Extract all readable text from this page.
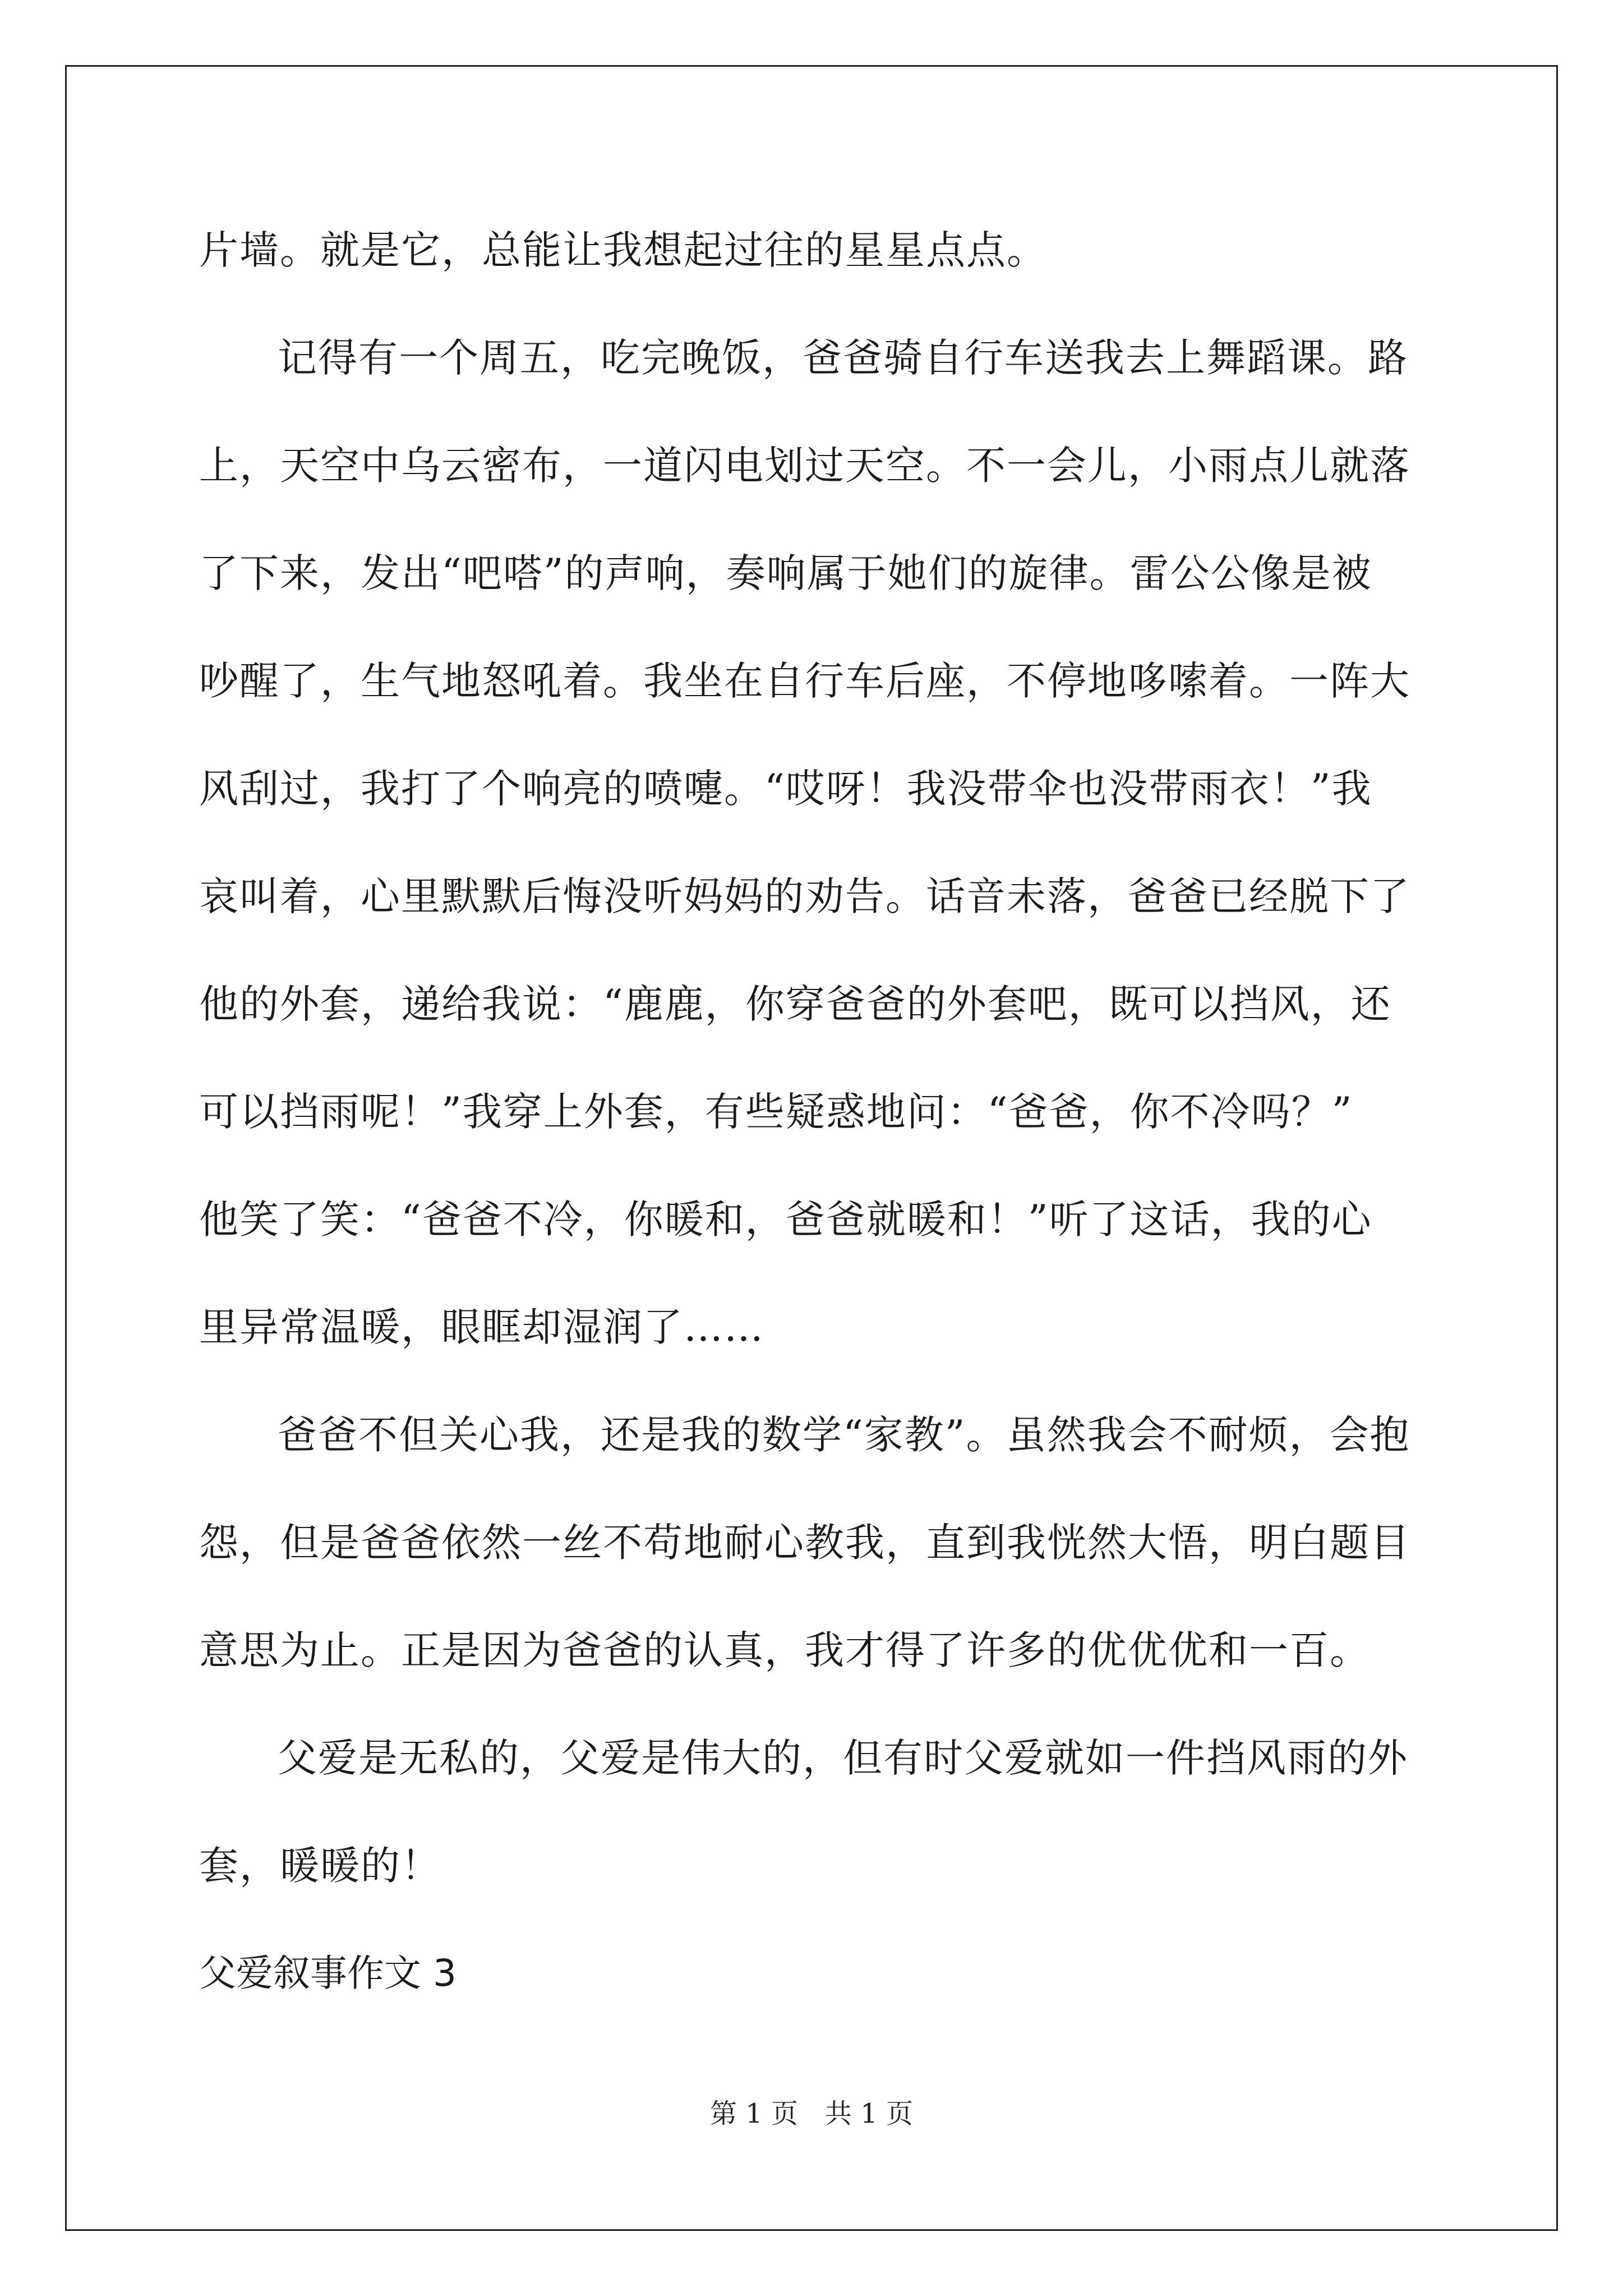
片墙。就是它，总能让我想起过往的星星点点。
记得有一个周五，吃完晚饭，爸爸骑自行车送我去上舞蹈课。路
上，天空中乌云密布，一道闪电划过天空。不一会儿，小雨点儿就落
了下来，发出“吧嗒”的声响，奏响属于她们的旋律。雷公公像是被
吵醒了，生气地怒吼着。我坐在自行车后座，不停地哆嗦着。一阵大
风刮过，我打了个响亮的喷嚏。“哎呀！我没带伞也没带雨衣！”我
哀叫着，心里默默后悔没听妈妈的劝告。话音未落，爸爸已经脱下了
他的外套，递给我说：“鹿鹿，你穿爸爸的外套吧，既可以挡风，还
可以挡雨呢！”我穿上外套，有些疑惑地问：“爸爸，你不冷吗？”
他笑了笑：“爸爸不冷，你暖和，爸爸就暖和！”听了这话，我的心
里异常温暖，眼眶却湿润了……
爸爸不但关心我，还是我的数学“家教”。虽然我会不耐烦，会抱
怨，但是爸爸依然一丝不苟地耐心教我，直到我恍然大悟，明白题目
意思为止。正是因为爸爸的认真，我才得了许多的优优优和一百。
父爱是无私的，父爱是伟大的，但有时父爱就如一件挡风雨的外
套，暖暖的！
父爱叙事作文 3
第 1 页　共 1 页
